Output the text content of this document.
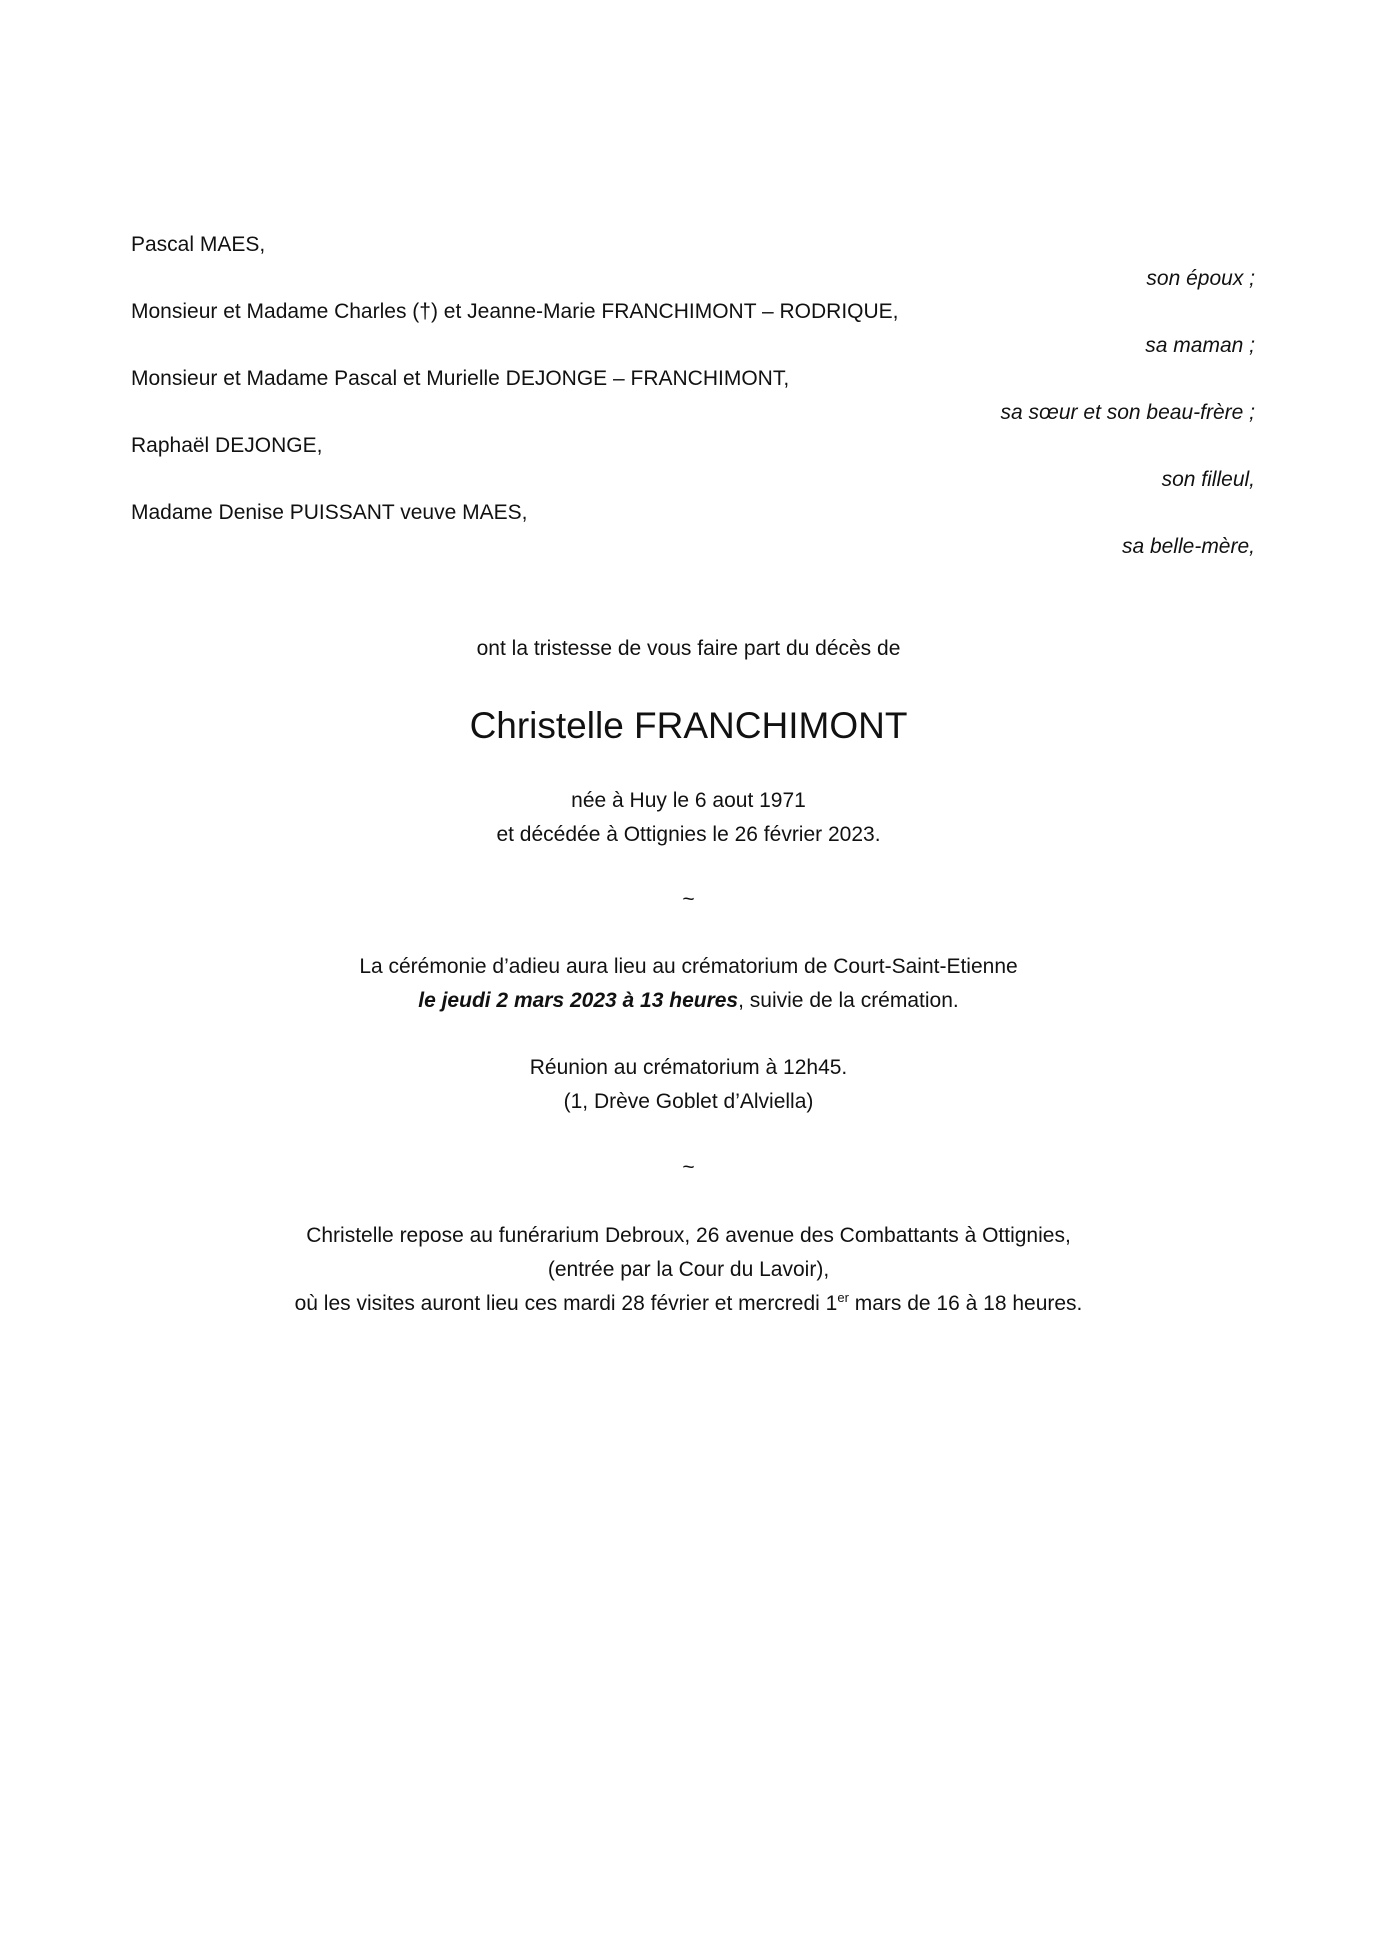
Pascal MAES,
son époux ;
Monsieur et Madame Charles (†) et Jeanne-Marie FRANCHIMONT – RODRIQUE,
sa maman ;
Monsieur et Madame Pascal et Murielle DEJONGE – FRANCHIMONT,
sa sœur et son beau-frère ;
Raphaël DEJONGE,
son filleul,
Madame Denise PUISSANT veuve MAES,
sa belle-mère,
ont la tristesse de vous faire part du décès de
Christelle FRANCHIMONT
née à Huy le 6 aout 1971
et décédée à Ottignies le 26 février 2023.
~
La cérémonie d’adieu aura lieu au crématorium de Court-Saint-Etienne
le jeudi 2 mars 2023 à 13 heures, suivie de la crémation.
Réunion au crématorium à 12h45.
(1, Drève Goblet d’Alviella)
~
Christelle repose au funérarium Debroux, 26 avenue des Combattants à Ottignies,
(entrée par la Cour du Lavoir),
où les visites auront lieu ces mardi 28 février et mercredi 1er mars de 16 à 18 heures.
